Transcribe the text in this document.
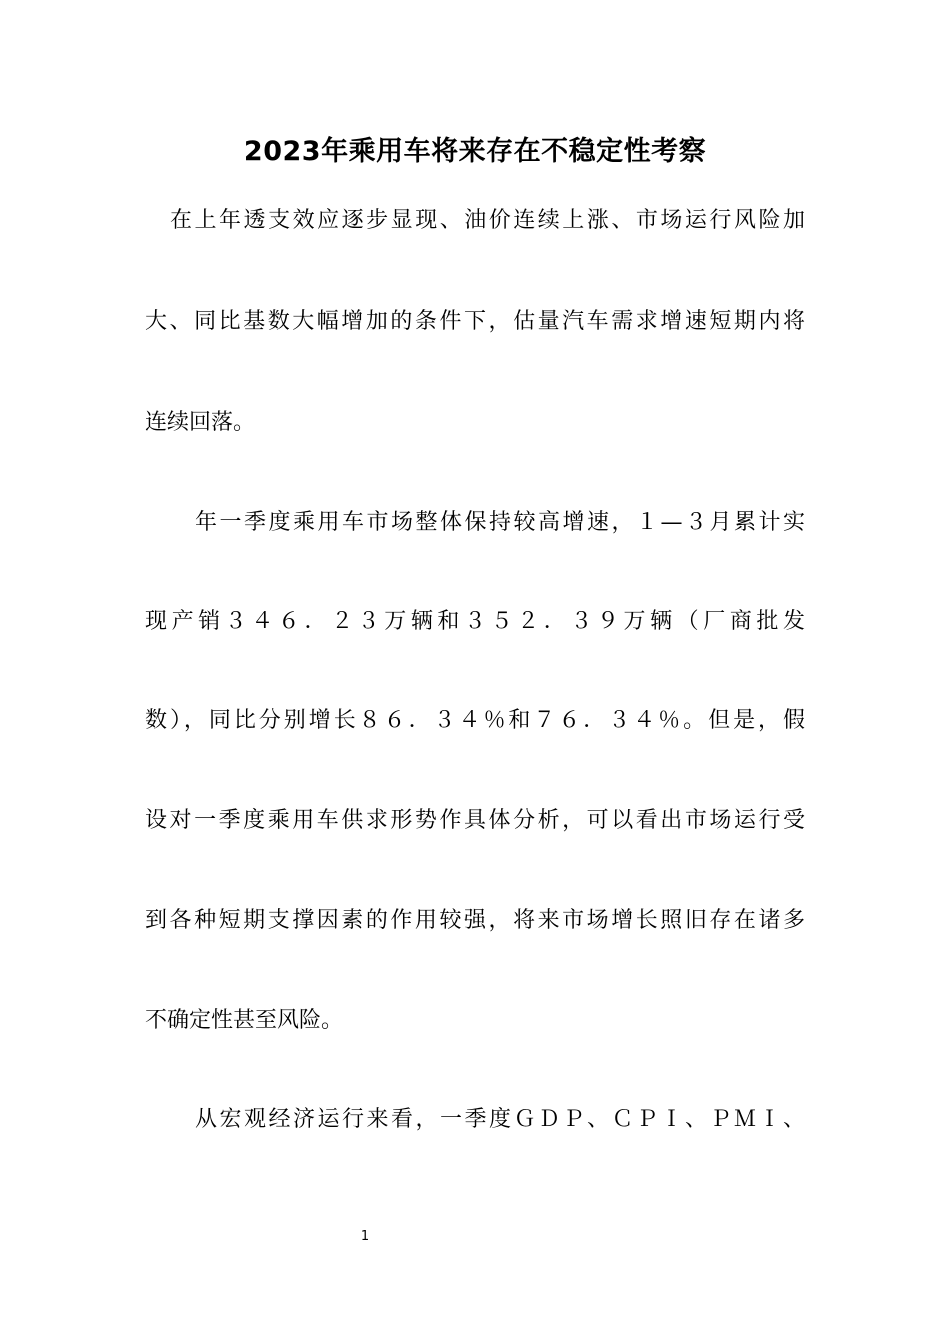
2023年乘用车将来存在不稳定性考察
在上年透支效应逐步显现、油价连续上涨、市场运行风险加
大、同比基数大幅增加的条件下，估量汽车需求增速短期内将
连续回落。
年一季度乘用车市场整体保持较高增速，１—３月累计实
现产销３４６．２３万辆和３５２．３９万辆（厂商批发
数），同比分别增长８６．３４％和７６．３４％。但是，假
设对一季度乘用车供求形势作具体分析，可以看出市场运行受
到各种短期支撑因素的作用较强，将来市场增长照旧存在诸多
不确定性甚至风险。
从宏观经济运行来看，一季度ＧＤＰ、ＣＰＩ、ＰＭＩ、
1
